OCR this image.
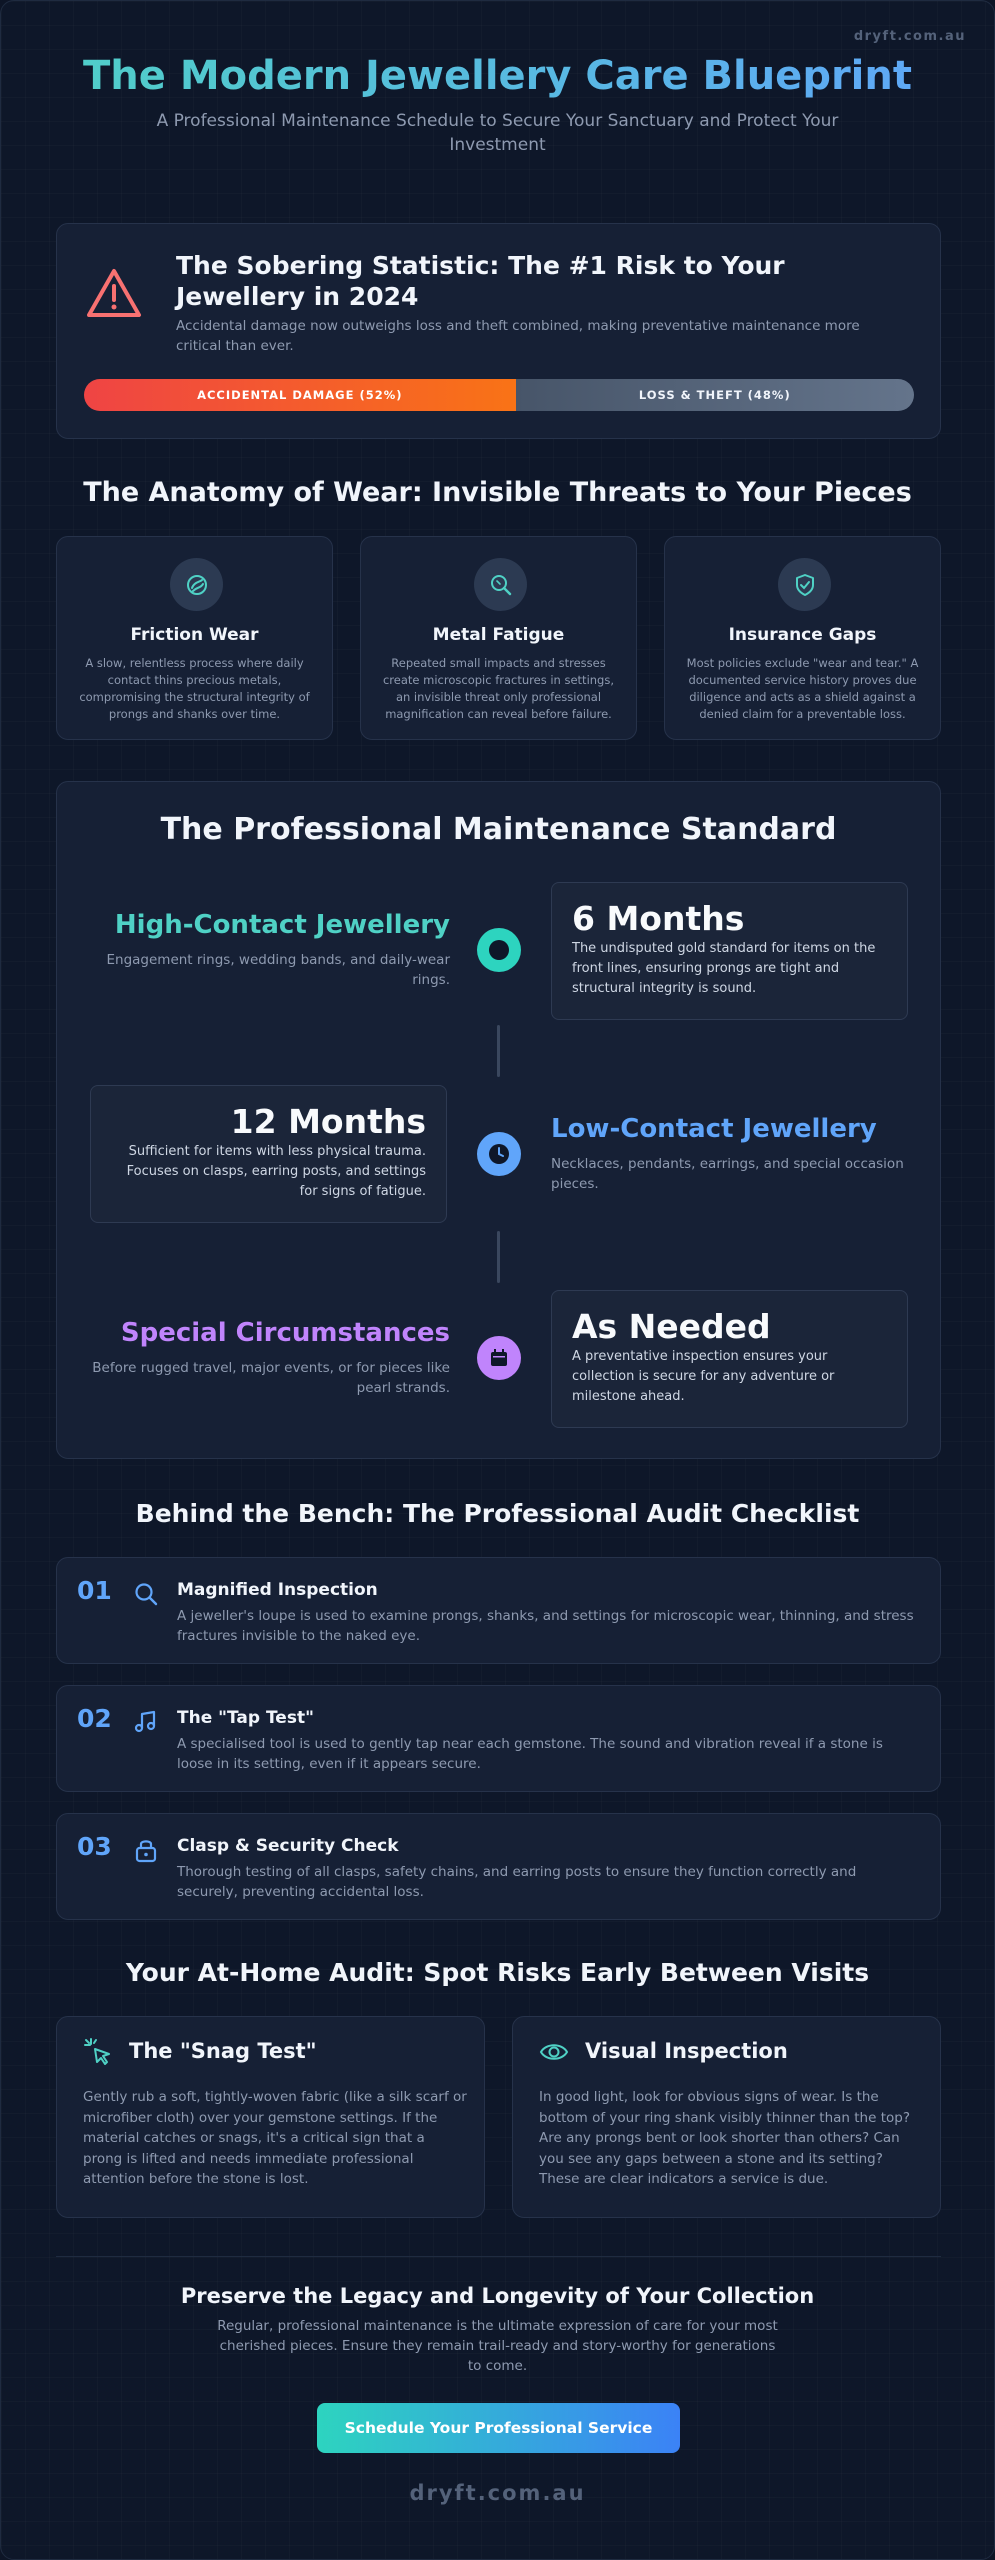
dryft.com.au
The Modern Jewellery Care Blueprint

A Professional Maintenance Schedule to Secure Your Sanctuary and Protect Your Investment

The Sobering Statistic: The #1 Risk to Your Jewellery in 2024
Accidental damage now outweighs loss and theft combined, making preventative maintenance more critical than ever.
ACCIDENTAL DAMAGE (52%)	LOSS & THEFT (48%)
The Anatomy of Wear: Invisible Threats to Your Pieces
Friction Wear
A slow, relentless process where daily contact thins precious metals, compromising the structural integrity of prongs and shanks over time.
Metal Fatigue
Repeated small impacts and stresses create microscopic fractures in settings, an invisible threat only professional magnification can reveal before failure.
Insurance Gaps
Most policies exclude "wear and tear." A documented service history proves due diligence and acts as a shield against a denied claim for a preventable loss.
The Professional Maintenance Standard
High-Contact Jewellery
Engagement rings, wedding bands, and daily-wear rings.
6 Months
The undisputed gold standard for items on the front lines, ensuring prongs are tight and structural integrity is sound.
12 Months
Sufficient for items with less physical trauma. Focuses on clasps, earring posts, and settings for signs of fatigue.
Low-Contact Jewellery
Necklaces, pendants, earrings, and special occasion pieces.
Special Circumstances
Before rugged travel, major events, or for pieces like pearl strands.
As Needed
A preventative inspection ensures your collection is secure for any adventure or milestone ahead.
Behind the Bench: The Professional Audit Checklist
01	Magnified Inspection
A jeweller's loupe is used to examine prongs, shanks, and settings for microscopic wear, thinning, and stress fractures invisible to the naked eye.
02	The "Tap Test"
A specialised tool is used to gently tap near each gemstone. The sound and vibration reveal if a stone is loose in its setting, even if it appears secure.
03	Clasp & Security Check
Thorough testing of all clasps, safety chains, and earring posts to ensure they function correctly and securely, preventing accidental loss.
Your At-Home Audit: Spot Risks Early Between Visits
The "Snag Test"
Gently rub a soft, tightly-woven fabric (like a silk scarf or microfiber cloth) over your gemstone settings. If the material catches or snags, it's a critical sign that a prong is lifted and needs immediate professional attention before the stone is lost.
Visual Inspection
In good light, look for obvious signs of wear. Is the bottom of your ring shank visibly thinner than the top? Are any prongs bent or look shorter than others? Can you see any gaps between a stone and its setting? These are clear indicators a service is due.
Preserve the Legacy and Longevity of Your Collection
Regular, professional maintenance is the ultimate expression of care for your most cherished pieces. Ensure they remain trail-ready and story-worthy for generations to come.
Schedule Your Professional Service
dryft.com.au
